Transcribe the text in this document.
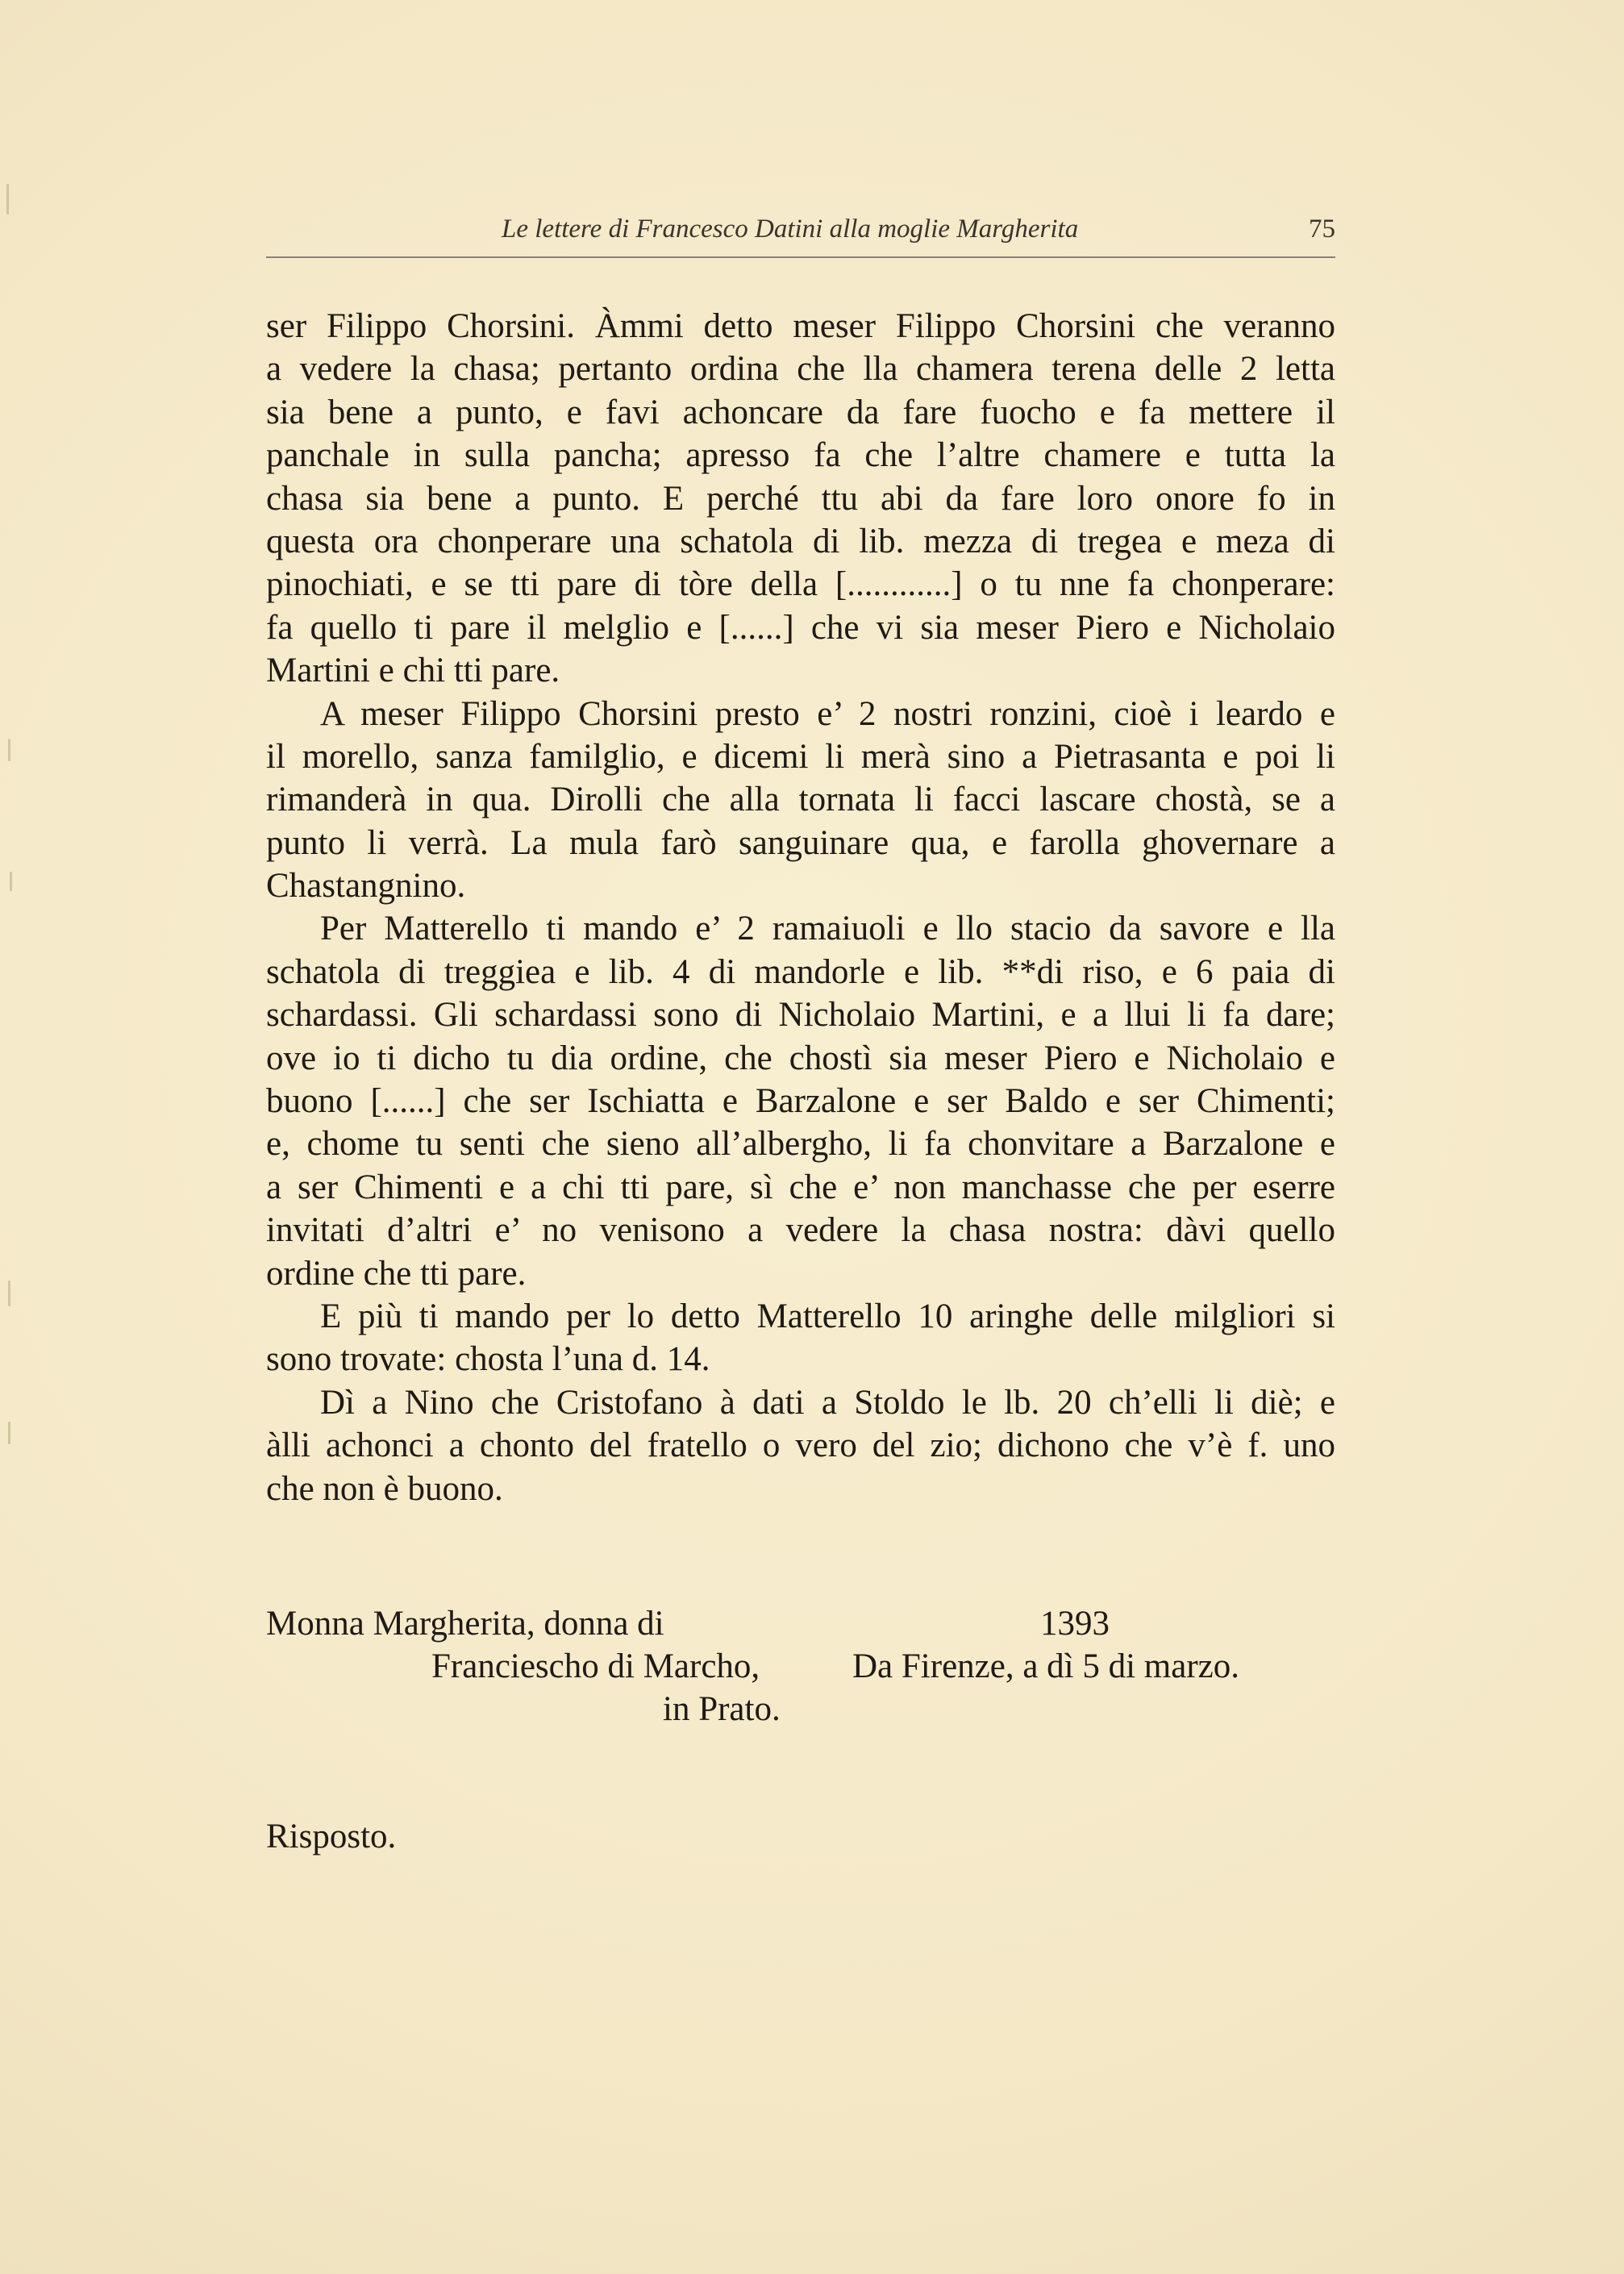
Le lettere di Francesco Datini alla moglie Margherita	75
ser Filippo Chorsini. Àmmi detto meser Filippo Chorsini che veranno
a vedere la chasa; pertanto ordina che lla chamera terena delle 2 letta
sia bene a punto, e favi achoncare da fare fuocho e fa mettere il
panchale in sulla pancha; apresso fa che l’altre chamere e tutta la
chasa sia bene a punto. E perché ttu abi da fare loro onore fo in
questa ora chonperare una schatola di lib. mezza di tregea e meza di
pinochiati, e se tti pare di tòre della [............] o tu nne fa chonperare:
fa quello ti pare il melglio e [......] che vi sia meser Piero e Nicholaio
Martini e chi tti pare.
A meser Filippo Chorsini presto e’ 2 nostri ronzini, cioè i leardo e
il morello, sanza familglio, e dicemi li merà sino a Pietrasanta e poi li
rimanderà in qua. Dirolli che alla tornata li facci lascare chostà, se a
punto li verrà. La mula farò sanguinare qua, e farolla ghovernare a
Chastangnino.
Per Matterello ti mando e’ 2 ramaiuoli e llo stacio da savore e lla
schatola di treggiea e lib. 4 di mandorle e lib. **di riso, e 6 paia di
schardassi. Gli schardassi sono di Nicholaio Martini, e a llui li fa dare;
ove io ti dicho tu dia ordine, che chostì sia meser Piero e Nicholaio e
buono [......] che ser Ischiatta e Barzalone e ser Baldo e ser Chimenti;
e, chome tu senti che sieno all’albergho, li fa chonvitare a Barzalone e
a ser Chimenti e a chi tti pare, sì che e’ non manchasse che per eserre
invitati d’altri e’ no venisono a vedere la chasa nostra: dàvi quello
ordine che tti pare.
E più ti mando per lo detto Matterello 10 aringhe delle milgliori si
sono trovate: chosta l’una d. 14.
Dì a Nino che Cristofano à dati a Stoldo le lb. 20 ch’elli li diè; e
àlli achonci a chonto del fratello o vero del zio; dichono che v’è f. uno
che non è buono.
Monna Margherita, donna di
Franciescho di Marcho,
in Prato.
1393
Da Firenze, a dì 5 di marzo.
Risposto.
